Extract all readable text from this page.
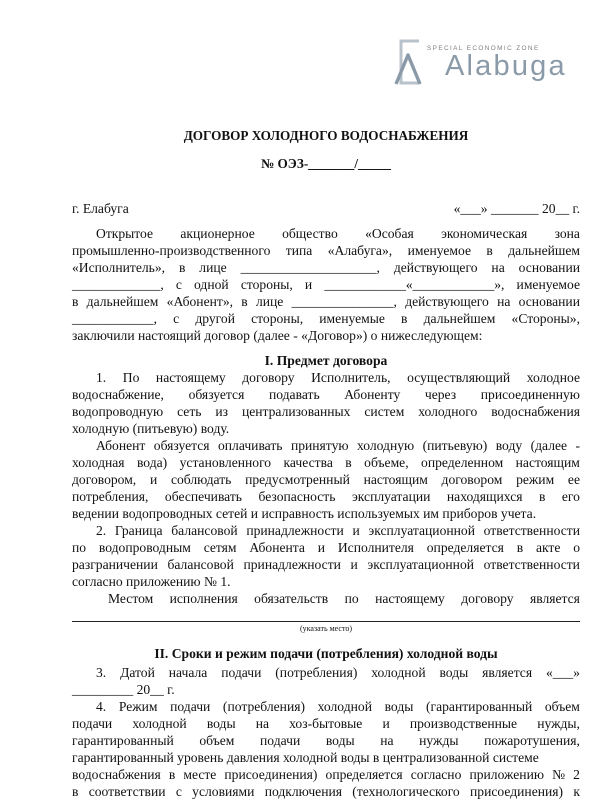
SPECIAL ECONOMIC ZONE
Alabuga
ДОГОВОР ХОЛОДНОГО ВОДОСНАБЖЕНИЯ
№ ОЭЗ-_______/_____
г. Елабуга	«___» _______ 20__ г.
Открытое акционерное общество «Особая экономическая зона
промышленно-производственного типа «Алабуга», именуемое в дальнейшем
«Исполнитель», в лице ____________________, действующего на основании
_____________, с одной стороны, и ____________«____________», именуемое
в дальнейшем «Абонент», в лице _______________, действующего на основании
____________, с другой стороны, именуемые в дальнейшем «Стороны»,
заключили настоящий договор (далее - «Договор») о нижеследующем:
I. Предмет договора
1. По настоящему договору Исполнитель, осуществляющий холодное
водоснабжение, обязуется подавать Абоненту через присоединенную
водопроводную сеть из централизованных систем холодного водоснабжения
холодную (питьевую) воду.
Абонент обязуется оплачивать принятую холодную (питьевую) воду (далее -
холодная вода) установленного качества в объеме, определенном настоящим
договором, и соблюдать предусмотренный настоящим договором режим ее
потребления, обеспечивать безопасность эксплуатации находящихся в его
ведении водопроводных сетей и исправность используемых им приборов учета.
2. Граница балансовой принадлежности и эксплуатационной ответственности
по водопроводным сетям Абонента и Исполнителя определяется в акте о
разграничении балансовой принадлежности и эксплуатационной ответственности
согласно приложению № 1.
Местом исполнения обязательств по настоящему договору является
(указать место)
II. Сроки и режим подачи (потребления) холодной воды
3. Датой начала подачи (потребления) холодной воды является «___»
_________ 20__ г.
4. Режим подачи (потребления) холодной воды (гарантированный объем
подачи холодной воды на хоз-бытовые и производственные нужды,
гарантированный объем подачи воды на нужды пожаротушения,
гарантированный уровень давления холодной воды в централизованной системе
водоснабжения в месте присоединения) определяется согласно приложению № 2
в соответствии с условиями подключения (технологического присоединения) к
